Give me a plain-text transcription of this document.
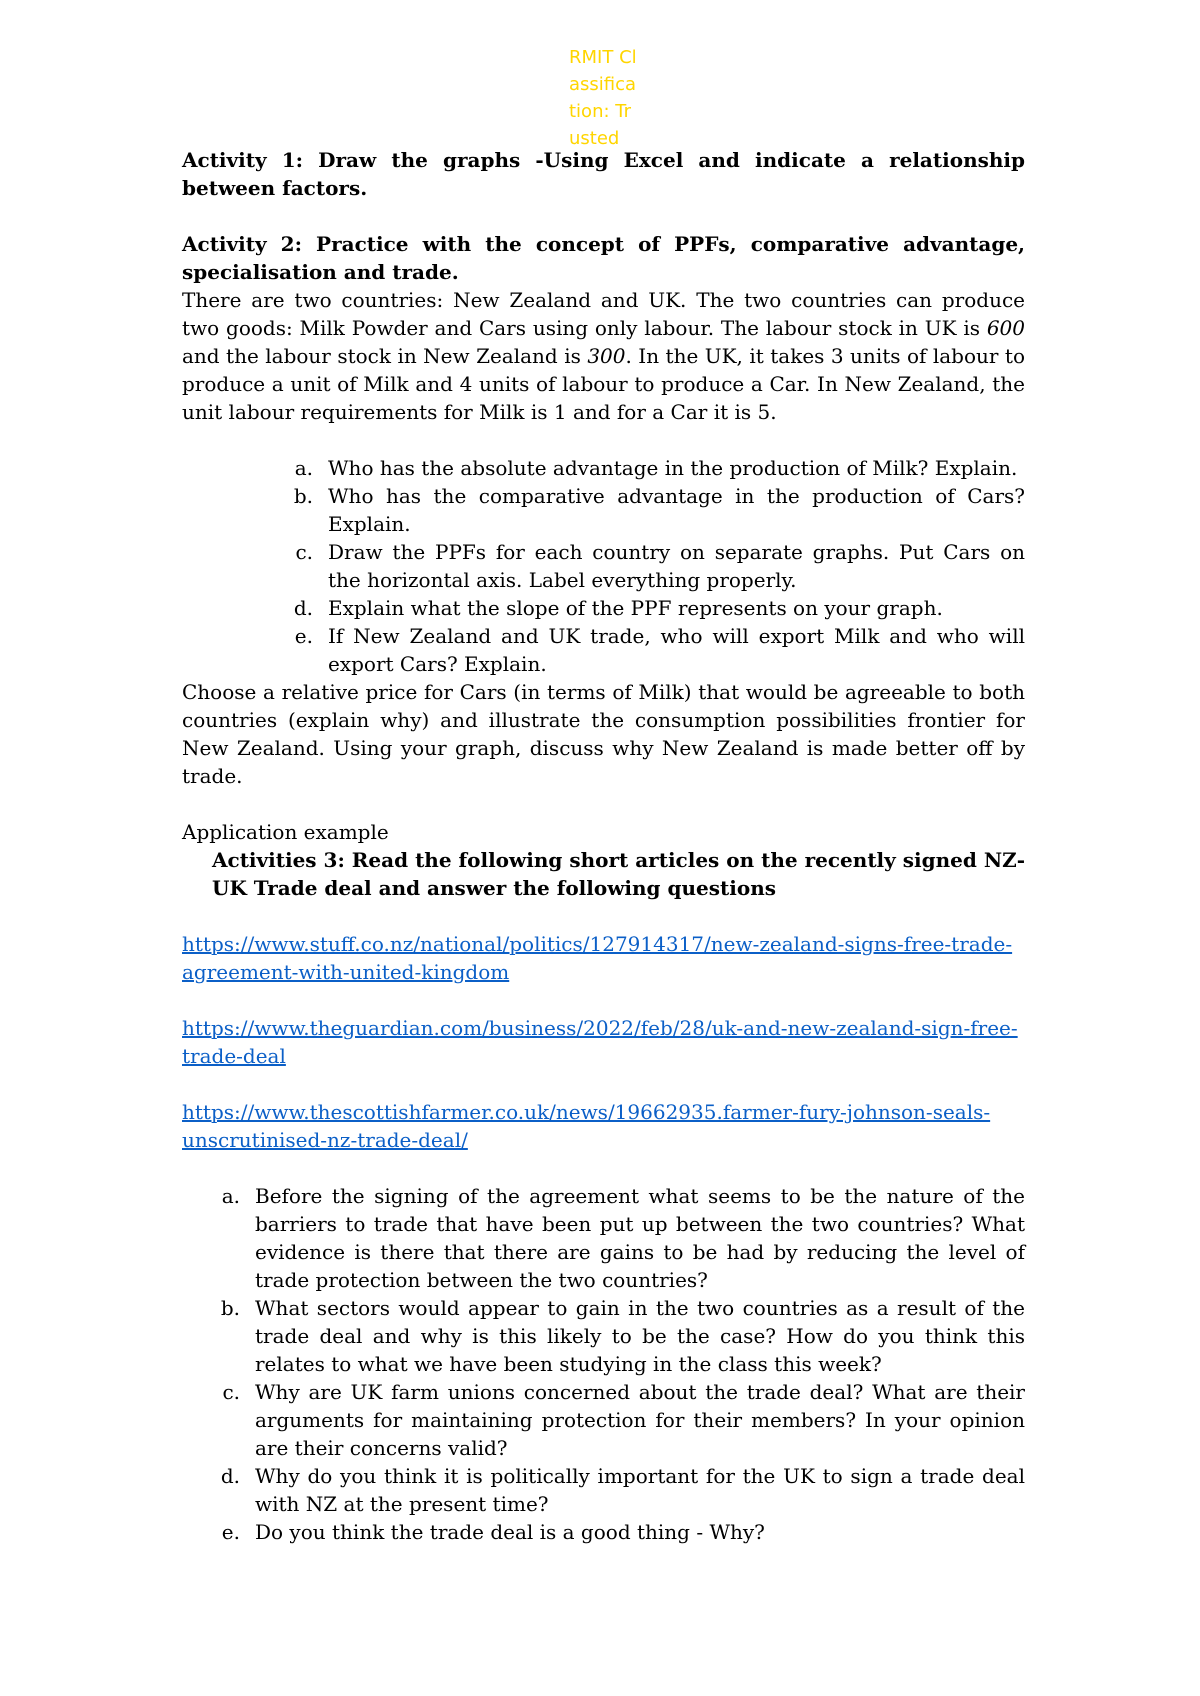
RMIT Classification: Trusted

Activity 1: Draw the graphs -Using Excel and indicate a relationship between factors.

Activity 2: Practice with the concept of PPFs, comparative advantage, specialisation and trade.

There are two countries: New Zealand and UK. The two countries can produce two goods: Milk Powder and Cars using only labour. The labour stock in UK is 600 and the labour stock in New Zealand is 300. In the UK, it takes 3 units of labour to produce a unit of Milk and 4 units of labour to produce a Car. In New Zealand, the unit labour requirements for Milk is 1 and for a Car it is 5.

a. Who has the absolute advantage in the production of Milk? Explain.
b. Who has the comparative advantage in the production of Cars? Explain.
c. Draw the PPFs for each country on separate graphs. Put Cars on the horizontal axis. Label everything properly.
d. Explain what the slope of the PPF represents on your graph.
e. If New Zealand and UK trade, who will export Milk and who will export Cars? Explain.

Choose a relative price for Cars (in terms of Milk) that would be agreeable to both countries (explain why) and illustrate the consumption possibilities frontier for New Zealand. Using your graph, discuss why New Zealand is made better off by trade.

Application example

Activities 3: Read the following short articles on the recently signed NZ-UK Trade deal and answer the following questions

https://www.stuff.co.nz/national/politics/127914317/new-zealand-signs-free-trade-
agreement-with-united-kingdom

https://www.theguardian.com/business/2022/feb/28/uk-and-new-zealand-sign-free-
trade-deal

https://www.thescottishfarmer.co.uk/news/19662935.farmer-fury-johnson-seals-
unscrutinised-nz-trade-deal/

a. Before the signing of the agreement what seems to be the nature of the barriers to trade that have been put up between the two countries? What evidence is there that there are gains to be had by reducing the level of trade protection between the two countries?
b. What sectors would appear to gain in the two countries as a result of the trade deal and why is this likely to be the case? How do you think this relates to what we have been studying in the class this week?
c. Why are UK farm unions concerned about the trade deal? What are their arguments for maintaining protection for their members? In your opinion are their concerns valid?
d. Why do you think it is politically important for the UK to sign a trade deal with NZ at the present time?
e. Do you think the trade deal is a good thing - Why?
